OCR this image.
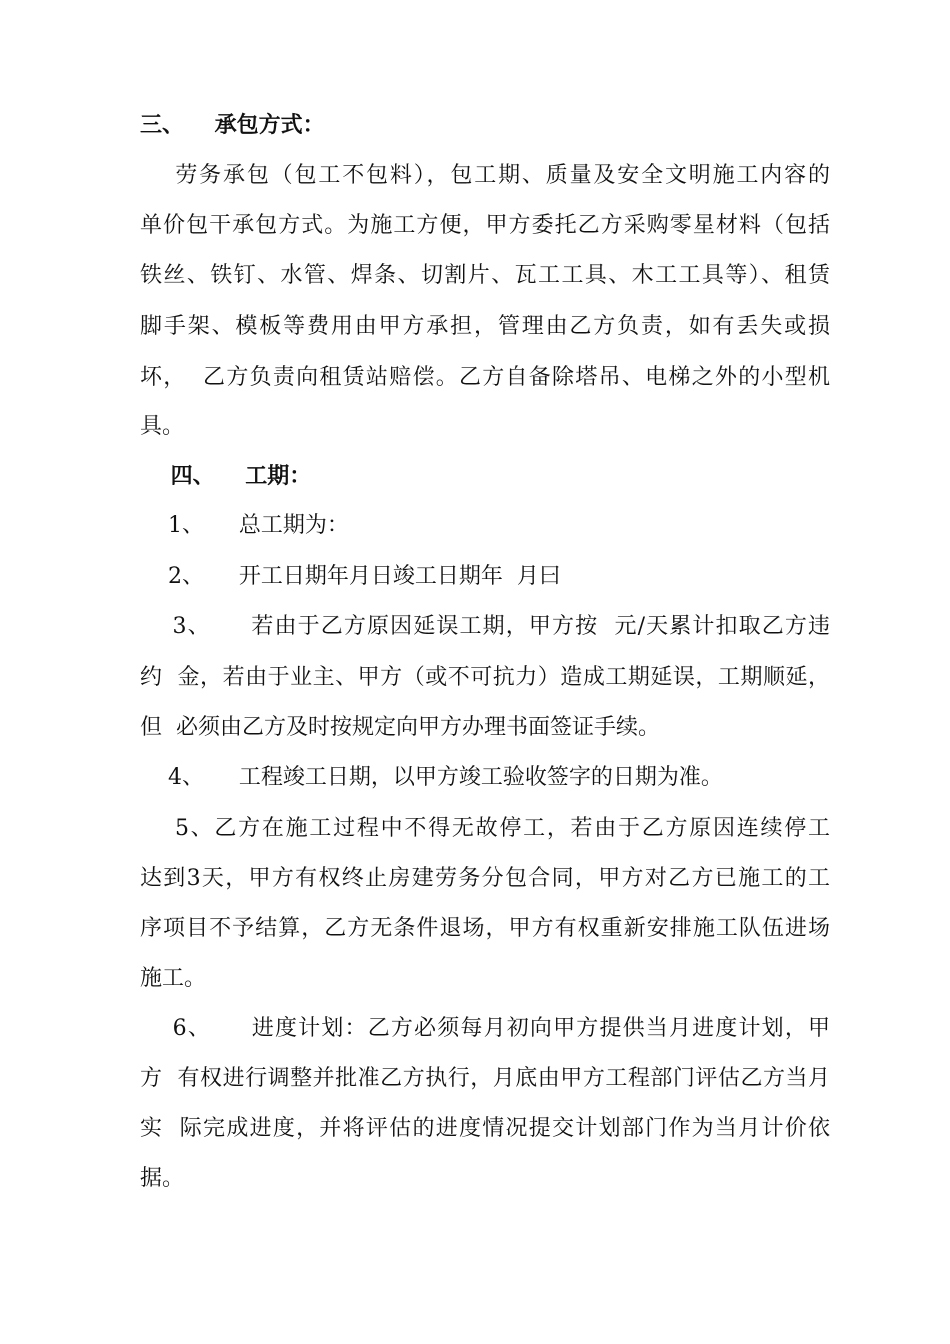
三、    承包方式：
劳务承包（包工不包料），包工期、质量及安全文明施工内容的
单价包干承包方式。为施工方便，甲方委托乙方采购零星材料（包括
铁丝、铁钉、水管、焊条、切割片、瓦工工具、木工工具等）、租赁
脚手架、模板等费用由甲方承担，管理由乙方负责，如有丢失或损
坏，  乙方负责向租赁站赔偿。乙方自备除塔吊、电梯之外的小型机
具。
四、    工期：
1、     总工期为：
2、     开工日期年月日竣工日期年  月曰
3、     若由于乙方原因延误工期，甲方按  元/天累计扣取乙方违
约  金，若由于业主、甲方（或不可抗力）造成工期延误，工期顺延，
但  必须由乙方及时按规定向甲方办理书面签证手续。
4、     工程竣工日期，以甲方竣工验收签字的日期为准。
5、乙方在施工过程中不得无故停工，若由于乙方原因连续停工
达到3天，甲方有权终止房建劳务分包合同，甲方对乙方已施工的工
序项目不予结算，乙方无条件退场，甲方有权重新安排施工队伍进场
施工。
6、     进度计划：乙方必须每月初向甲方提供当月进度计划，甲
方  有权进行调整并批准乙方执行，月底由甲方工程部门评估乙方当月
实  际完成进度，并将评估的进度情况提交计划部门作为当月计价依
据。
